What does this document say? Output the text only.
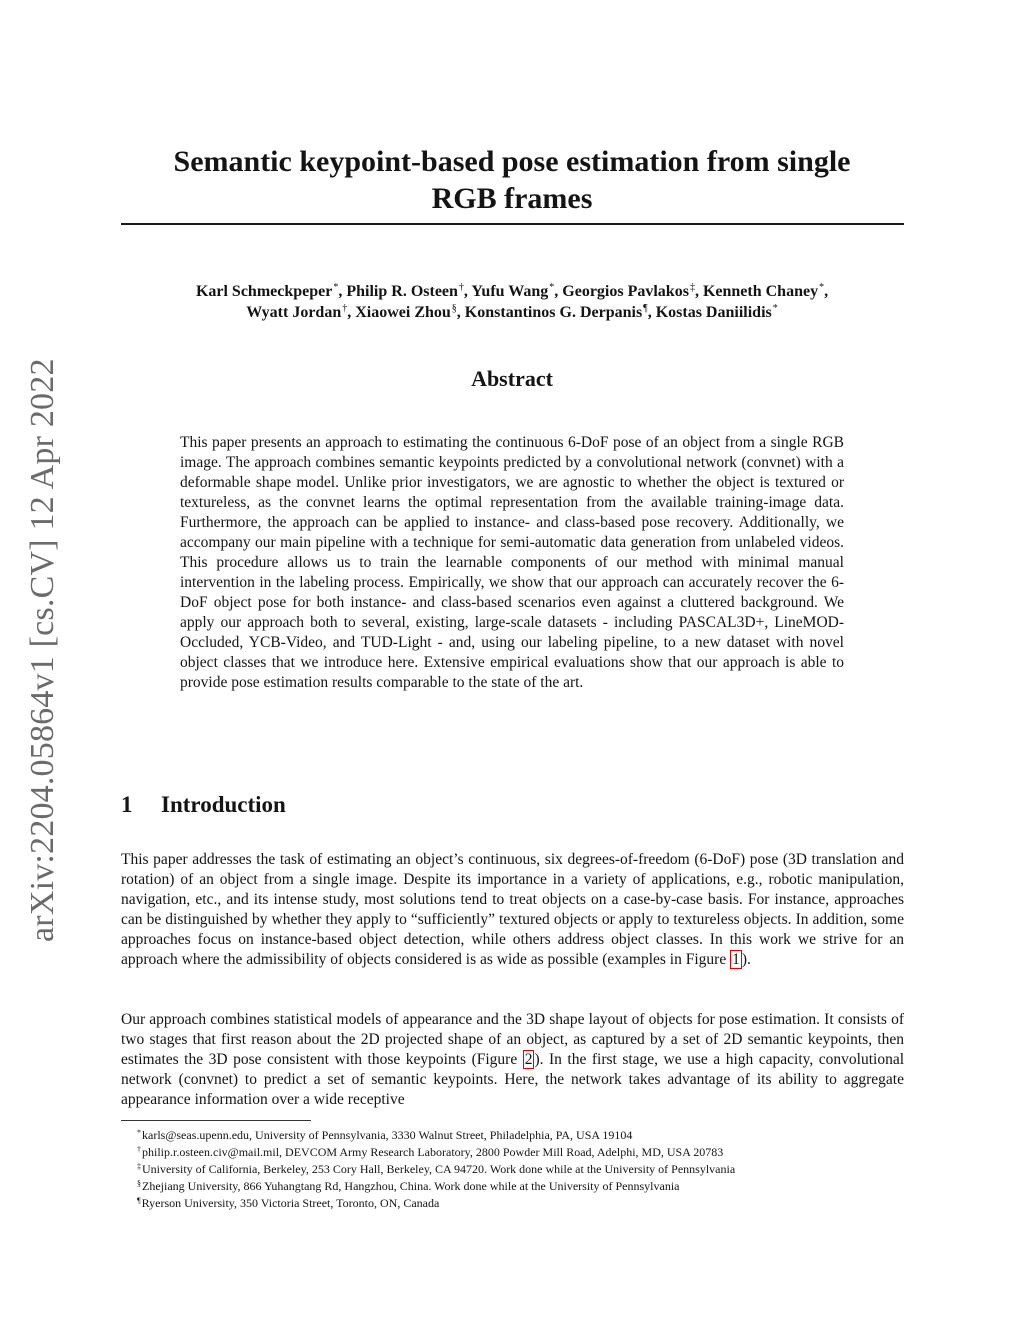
arXiv:2204.05864v1 [cs.CV] 12 Apr 2022
Semantic keypoint-based pose estimation from single
RGB frames
Karl Schmeckpeper*, Philip R. Osteen†, Yufu Wang*, Georgios Pavlakos‡, Kenneth Chaney*,
Wyatt Jordan†, Xiaowei Zhou§, Konstantinos G. Derpanis¶, Kostas Daniilidis*
Abstract

This paper presents an approach to estimating the continuous 6-DoF pose of an object from a single RGB image. The approach combines semantic keypoints predicted by a convolutional network (convnet) with a deformable shape model. Unlike prior investigators, we are agnostic to whether the object is textured or textureless, as the convnet learns the optimal representation from the available training-image data. Furthermore, the approach can be applied to instance- and class-based pose recovery. Additionally, we accompany our main pipeline with a technique for semi-automatic data generation from unlabeled videos. This procedure allows us to train the learnable components of our method with minimal manual intervention in the labeling process. Empirically, we show that our approach can accurately recover the 6-DoF object pose for both instance- and class-based scenarios even against a cluttered background. We apply our approach both to several, existing, large-scale datasets - including PASCAL3D+, LineMOD-Occluded, YCB-Video, and TUD-Light - and, using our labeling pipeline, to a new dataset with novel object classes that we introduce here. Extensive empirical evaluations show that our approach is able to provide pose estimation results comparable to the state of the art.

1 Introduction

This paper addresses the task of estimating an object’s continuous, six degrees-of-freedom (6-DoF) pose (3D translation and rotation) of an object from a single image. Despite its importance in a variety of applications, e.g., robotic manipulation, navigation, etc., and its intense study, most solutions tend to treat objects on a case-by-case basis. For instance, approaches can be distinguished by whether they apply to “sufficiently” textured objects or apply to textureless objects. In addition, some approaches focus on instance-based object detection, while others address object classes. In this work we strive for an approach where the admissibility of objects considered is as wide as possible (examples in Figure 1 ).

Our approach combines statistical models of appearance and the 3D shape layout of objects for pose estimation. It consists of two stages that first reason about the 2D projected shape of an object, as captured by a set of 2D semantic keypoints, then estimates the 3D pose consistent with those keypoints (Figure 2 ). In the first stage, we use a high capacity, convolutional network (convnet) to predict a set of semantic keypoints. Here, the network takes advantage of its ability to aggregate appearance information over a wide receptive

*karls@seas.upenn.edu, University of Pennsylvania, 3330 Walnut Street, Philadelphia, PA, USA 19104
†philip.r.osteen.civ@mail.mil, DEVCOM Army Research Laboratory, 2800 Powder Mill Road, Adelphi, MD, USA 20783
‡University of California, Berkeley, 253 Cory Hall, Berkeley, CA 94720. Work done while at the University of Pennsylvania
§Zhejiang University, 866 Yuhangtang Rd, Hangzhou, China. Work done while at the University of Pennsylvania
¶Ryerson University, 350 Victoria Street, Toronto, ON, Canada
